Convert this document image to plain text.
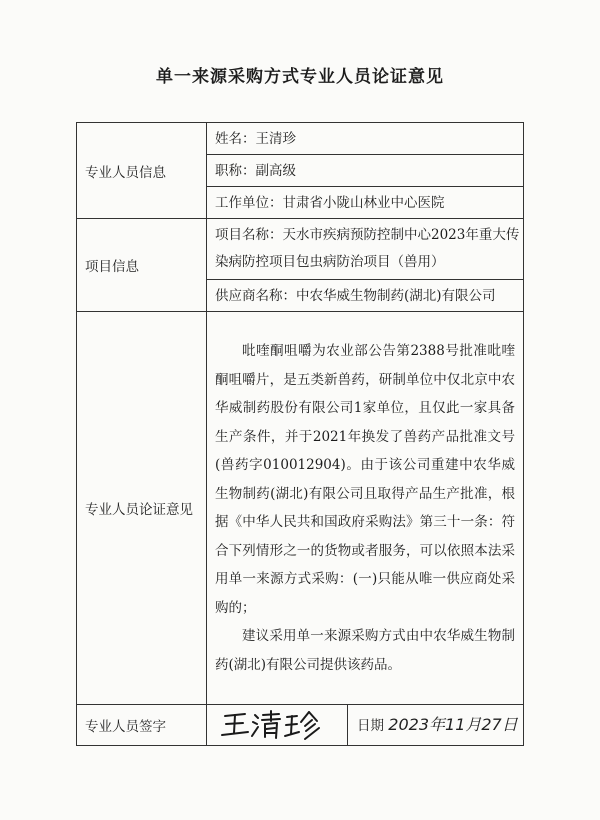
单一来源采购方式专业人员论证意见
专业人员信息	姓名：王清珍
	职称：副高级
	工作单位：甘肃省小陇山林业中心医院
项目信息	项目名称：天水市疾病预防控制中心2023年重大传染病防控项目包虫病防治项目（兽用）
	供应商名称：中农华威生物制药(湖北)有限公司
专业人员论证意见	吡喹酮咀嚼为农业部公告第2388号批准吡喹酮咀嚼片，是五类新兽药，研制单位中仅北京中农华威制药股份有限公司1家单位，且仅此一家具备生产条件，并于2021年换发了兽药产品批准文号(兽药字010012904)。由于该公司重建中农华威生物制药(湖北)有限公司且取得产品生产批准，根据《中华人民共和国政府采购法》第三十一条：符合下列情形之一的货物或者服务，可以依照本法采用单一来源方式采购：(一)只能从唯一供应商处采购的；

建议采用单一来源采购方式由中农华威生物制药(湖北)有限公司提供该药品。

专业人员签字	日期 2023年11月27日
